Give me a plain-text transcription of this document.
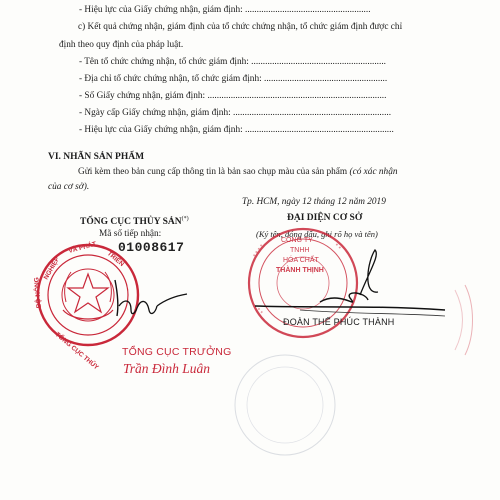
- Hiệu lực của Giấy chứng nhận, giám định: ......................................................
c) Kết quả chứng nhận, giám định của tổ chức chứng nhận, tổ chức giám định được chỉ
định theo quy định của pháp luật.
- Tên tổ chức chứng nhận, tổ chức giám định: ..........................................................
- Địa chỉ tổ chức chứng nhận, tổ chức giám định: .....................................................
- Số Giấy chứng nhận, giám định: .............................................................................
- Ngày cấp Giấy chứng nhận, giám định: ....................................................................
- Hiệu lực của Giấy chứng nhận, giám định: ................................................................
VI. NHÃN SẢN PHẨM
Gửi kèm theo bản cung cấp thông tin là bản sao chụp màu của sản phẩm (có xác nhận
của cơ sở).
Tp. HCM, ngày 12 tháng 12 năm 2019
TỔNG CỤC THỦY SẢN(*)
Mã số tiếp nhận:
01008617
ĐẠI DIỆN CƠ SỞ
(Ký tên, đóng dấu, ghi rõ họ và tên)
* * * *	* *
* *
CÔNG TY
TNHH
HÓA CHẤT
THÀNH THỊNH
ĐOÀN THẾ PHÚC THÀNH
NGHIỆP
VÀ PHÁT
TRIỂN
BỘ NÔNG
TỔNG CỤC THỦY TỔNG CỤC TRƯỞNG
Trần Đình Luân
